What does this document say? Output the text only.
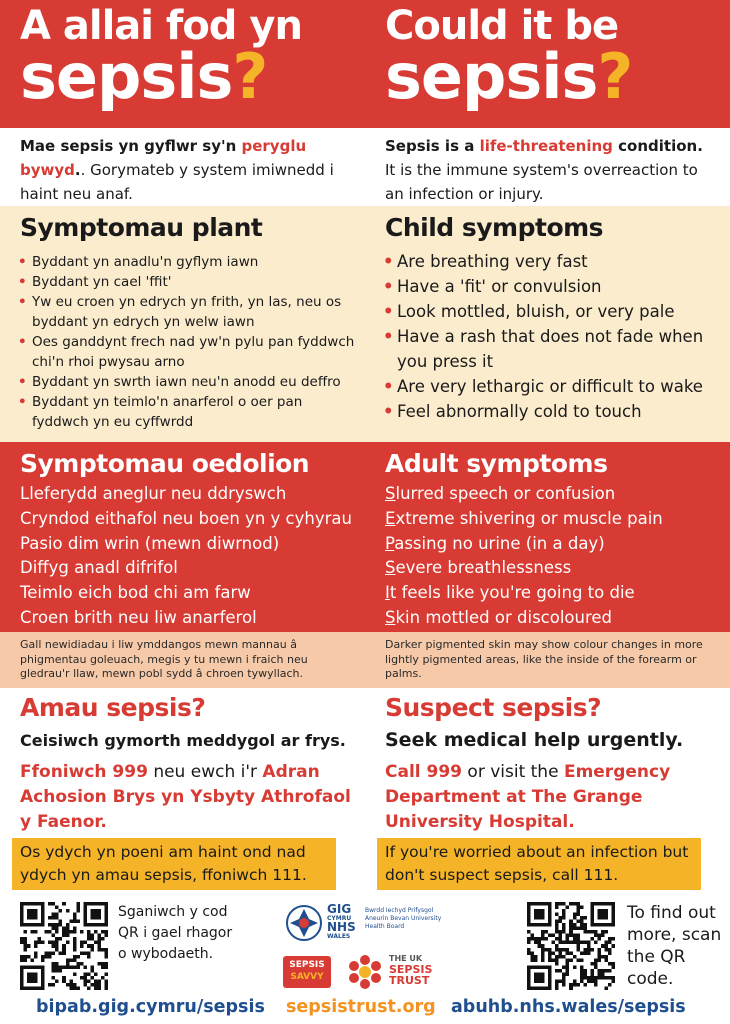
A allai fod yn
sepsis?
Mae sepsis yn gyflwr sy'n peryglu bywyd.. Gorymateb y system imiwnedd i haint neu anaf.
Symptomau plant
• Byddant yn anadlu'n gyflym iawn
• Byddant yn cael 'ffit'
• Yw eu croen yn edrych yn frith, yn las, neu os byddant yn edrych yn welw iawn
• Oes ganddynt frech nad yw'n pylu pan fyddwch chi'n rhoi pwysau arno
• Byddant yn swrth iawn neu'n anodd eu deffro
• Byddant yn teimlo'n anarferol o oer pan fyddwch yn eu cyffwrdd
Symptomau oedolion
Lleferydd aneglur neu ddryswch
Cryndod eithafol neu boen yn y cyhyrau
Pasio dim wrin (mewn diwrnod)
Diffyg anadl difrifol
Teimlo eich bod chi am farw
Croen brith neu liw anarferol
Gall newidiadau i liw ymddangos mewn mannau â phigmentau goleuach, megis y tu mewn i fraich neu gledrau'r llaw, mewn pobl sydd â chroen tywyllach.
Amau sepsis?
Ceisiwch gymorth meddygol ar frys.
Ffoniwch 999 neu ewch i'r Adran Achosion Brys yn Ysbyty Athrofaol y Faenor.
Os ydych yn poeni am haint ond nad ydych yn amau sepsis, ffoniwch 111.
Could it be
sepsis?
Sepsis is a life-threatening condition.
It is the immune system's overreaction to an infection or injury.
Child symptoms
• Are breathing very fast
• Have a 'fit' or convulsion
• Look mottled, bluish, or very pale
• Have a rash that does not fade when you press it
• Are very lethargic or difficult to wake
• Feel abnormally cold to touch
Adult symptoms
Slurred speech or confusion
Extreme shivering or muscle pain
Passing no urine (in a day)
Severe breathlessness
It feels like you're going to die
Skin mottled or discoloured
Darker pigmented skin may show colour changes in more lightly pigmented areas, like the inside of the forearm or palms.
Suspect sepsis?
Seek medical help urgently.
Call 999 or visit the Emergency Department at The Grange University Hospital.
If you're worried about an infection but don't suspect sepsis, call 111.
Sganiwch y cod QR i gael rhagor o wybodaeth.
To find out more, scan the QR code.
GIG
CYMRU
NHS
WALES
Bwrdd Iechyd Prifysgol Aneurin Bevan University Health Board
SEPSIS
SAVVY
THE UK
SEPSIS
TRUST
bipab.gig.cymru/sepsis sepsistrust.org abuhb.nhs.wales/sepsis
